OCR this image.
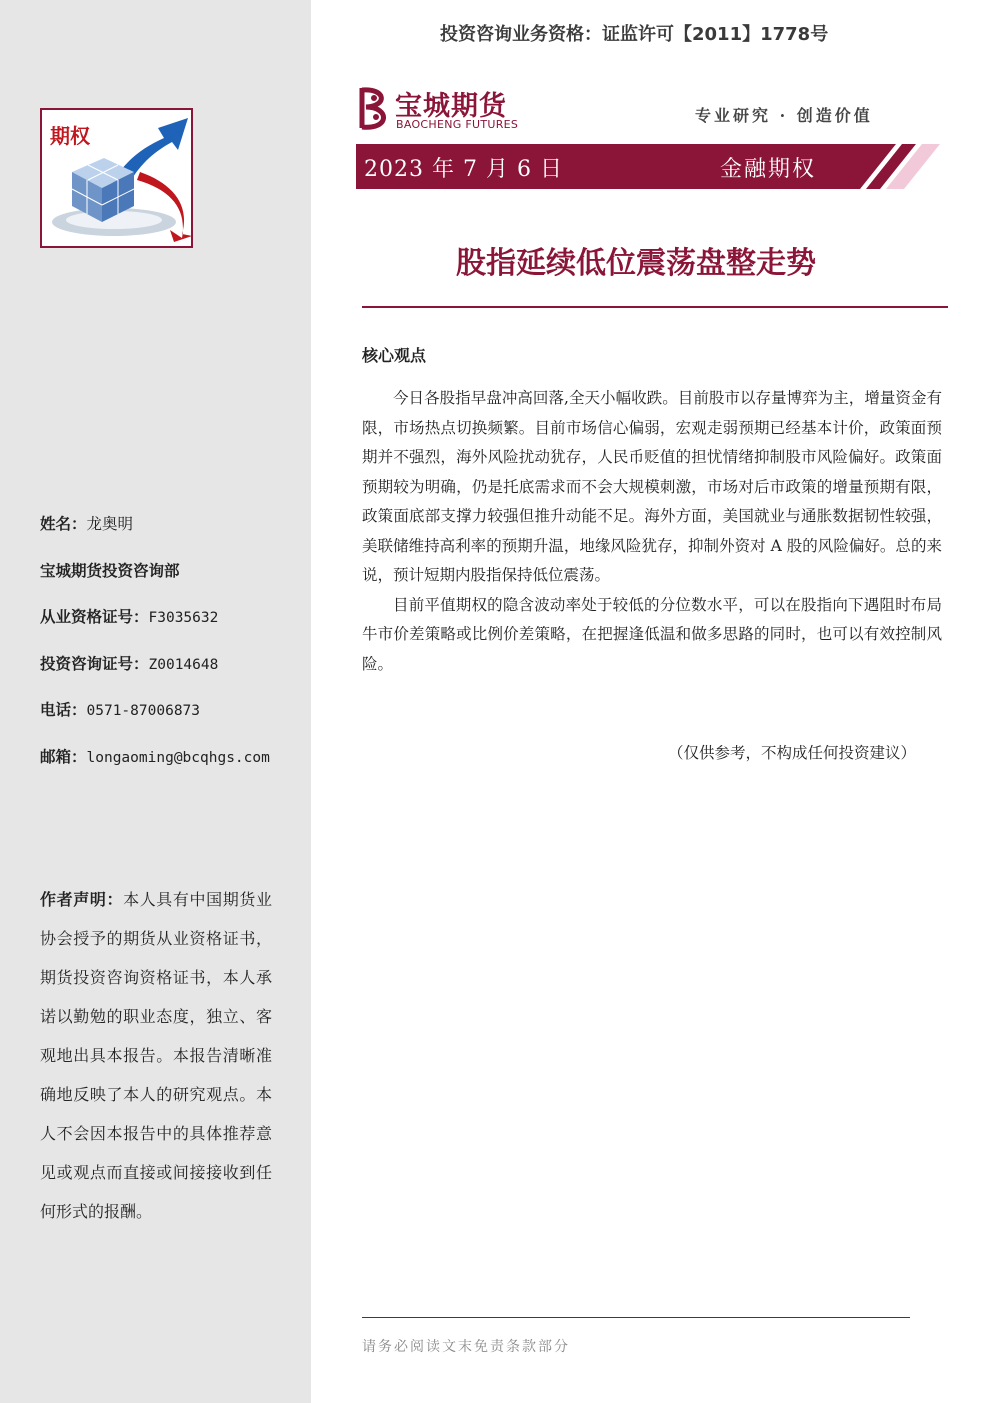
期权
姓名：龙奥明
宝城期货投资咨询部
从业资格证号：F3035632
投资咨询证号：Z0014648
电话：0571-87006873
邮箱：longaoming@bcqhgs.com
作者声明：本人具有中国期货业协会授予的期货从业资格证书，期货投资咨询资格证书，本人承诺以勤勉的职业态度，独立、客观地出具本报告。本报告清晰准确地反映了本人的研究观点。本人不会因本报告中的具体推荐意见或观点而直接或间接接收到任何形式的报酬。
投资咨询业务资格：证监许可【2011】1778号
宝城期货
BAOCHENG FUTURES	专业研究 · 创造价值
2023 年 7 月 6 日	金融期权
股指延续低位震荡盘整走势
核心观点

今日各股指早盘冲高回落,全天小幅收跌。目前股市以存量博弈为主，增量资金有限，市场热点切换频繁。目前市场信心偏弱，宏观走弱预期已经基本计价，政策面预期并不强烈，海外风险扰动犹存，人民币贬值的担忧情绪抑制股市风险偏好。政策面预期较为明确，仍是托底需求而不会大规模刺激，市场对后市政策的增量预期有限，政策面底部支撑力较强但推升动能不足。海外方面，美国就业与通胀数据韧性较强，美联储维持高利率的预期升温，地缘风险犹存，抑制外资对 A 股的风险偏好。总的来说，预计短期内股指保持低位震荡。

目前平值期权的隐含波动率处于较低的分位数水平，可以在股指向下遇阻时布局牛市价差策略或比例价差策略，在把握逢低温和做多思路的同时，也可以有效控制风险。

（仅供参考，不构成任何投资建议）
请务必阅读文末免责条款部分
